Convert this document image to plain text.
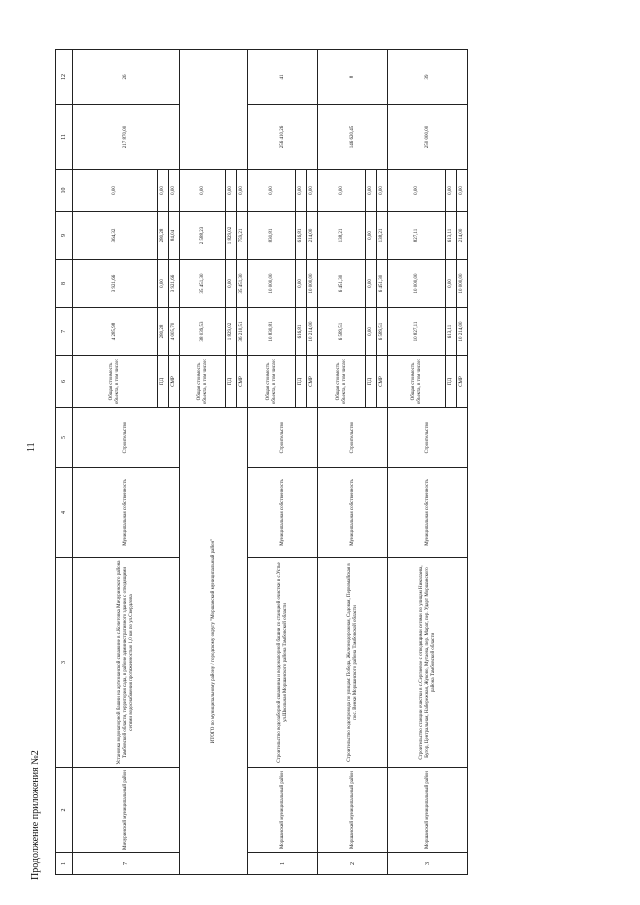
11
Продолжение приложения №2	1	2	3	4	5	6	7	8	9	10	11	12
7	Мичуринский муниципальный район	Установка водонапорной башни на артезианской скважине в с.Кочетовка Мичуринского района Тамбовской области, территория сада, в районе административного здания с отводящими сетями водоснабжения протяженностью 1,0 км по ул.Свердлова	Муниципальная собственность	Строительство	Общая стоимость объекта, в том числе:	4 285,98	3 921,66	364,32	0,00	217 870,00	26
					ПД	280,28	0,00	280,28	0,00		
					СМР	4 005,70	3 921,66	84,04	0,00		
ИТОГО по муниципальному району / городскому округу "Моршанский муниципальный район"					Общая стоимость объекта, в том числе:	38 039,53	35 451,30	2 588,23	0,00		
					ПД	1 829,02	0,00	1 829,02	0,00		
					СМР	36 210,51	35 451,30	759,21	0,00		
1	Моршанский муниципальный район	Строительство водозаборной скважины и водонапорной башни со станцией очистки в с.Устье ул.Школьная Моршанского района Тамбовской области	Муниципальная собственность	Строительство	Общая стоимость объекта, в том числе:	10 830,81	10 000,00	830,81	0,00	256 410,26	41
					ПД	616,81	0,00	616,81	0,00		
					СМР	10 214,00	10 000,00	214,00	0,00		
2	Моршанский муниципальный район	Строительство водопровода по улицам: Победа, Железнодорожная, Садовая, Первомайская в пос. Венки Моршанского района Тамбовской области	Муниципальная собственность	Строительство	Общая стоимость объекта, в том числе:	6 589,51	6 451,30	138,21	0,00	146 620,45	8
					ПД	0,00	0,00	0,00	0,00		
					СМР	6 589,51	6 451,30	138,21	0,00		
3	Моршанский муниципальный район	Строительство станции очистки в с.Сергиевое с отводящими сетями по улицам Николаева, Бугор, Центральная, Набережная, Жуково, Мутаева, пер. Марат, пер. Ударт Моршанского района Тамбовской области	Муниципальная собственность	Строительство	Общая стоимость объекта, в том числе:	10 827,11	10 000,00	827,11	0,00	250 000,00	39
					ПД	613,11	0,00	613,11	0,00		
					СМР	10 214,00	10 000,00	214,00	0,00		
